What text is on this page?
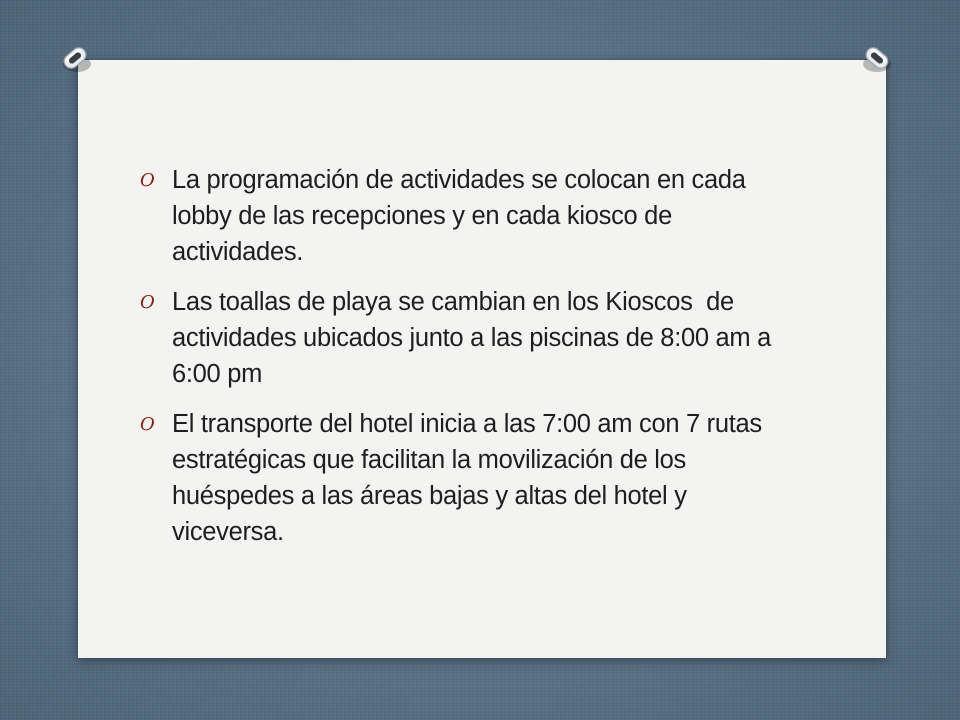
O La programación de actividades se colocan en cada lobby de las recepciones y en cada kiosco de actividades.
O Las toallas de playa se cambian en los Kioscos  de actividades ubicados junto a las piscinas de 8:00 am a 6:00 pm
O El transporte del hotel inicia a las 7:00 am con 7 rutas estratégicas que facilitan la movilización de los huéspedes a las áreas bajas y altas del hotel y viceversa.
